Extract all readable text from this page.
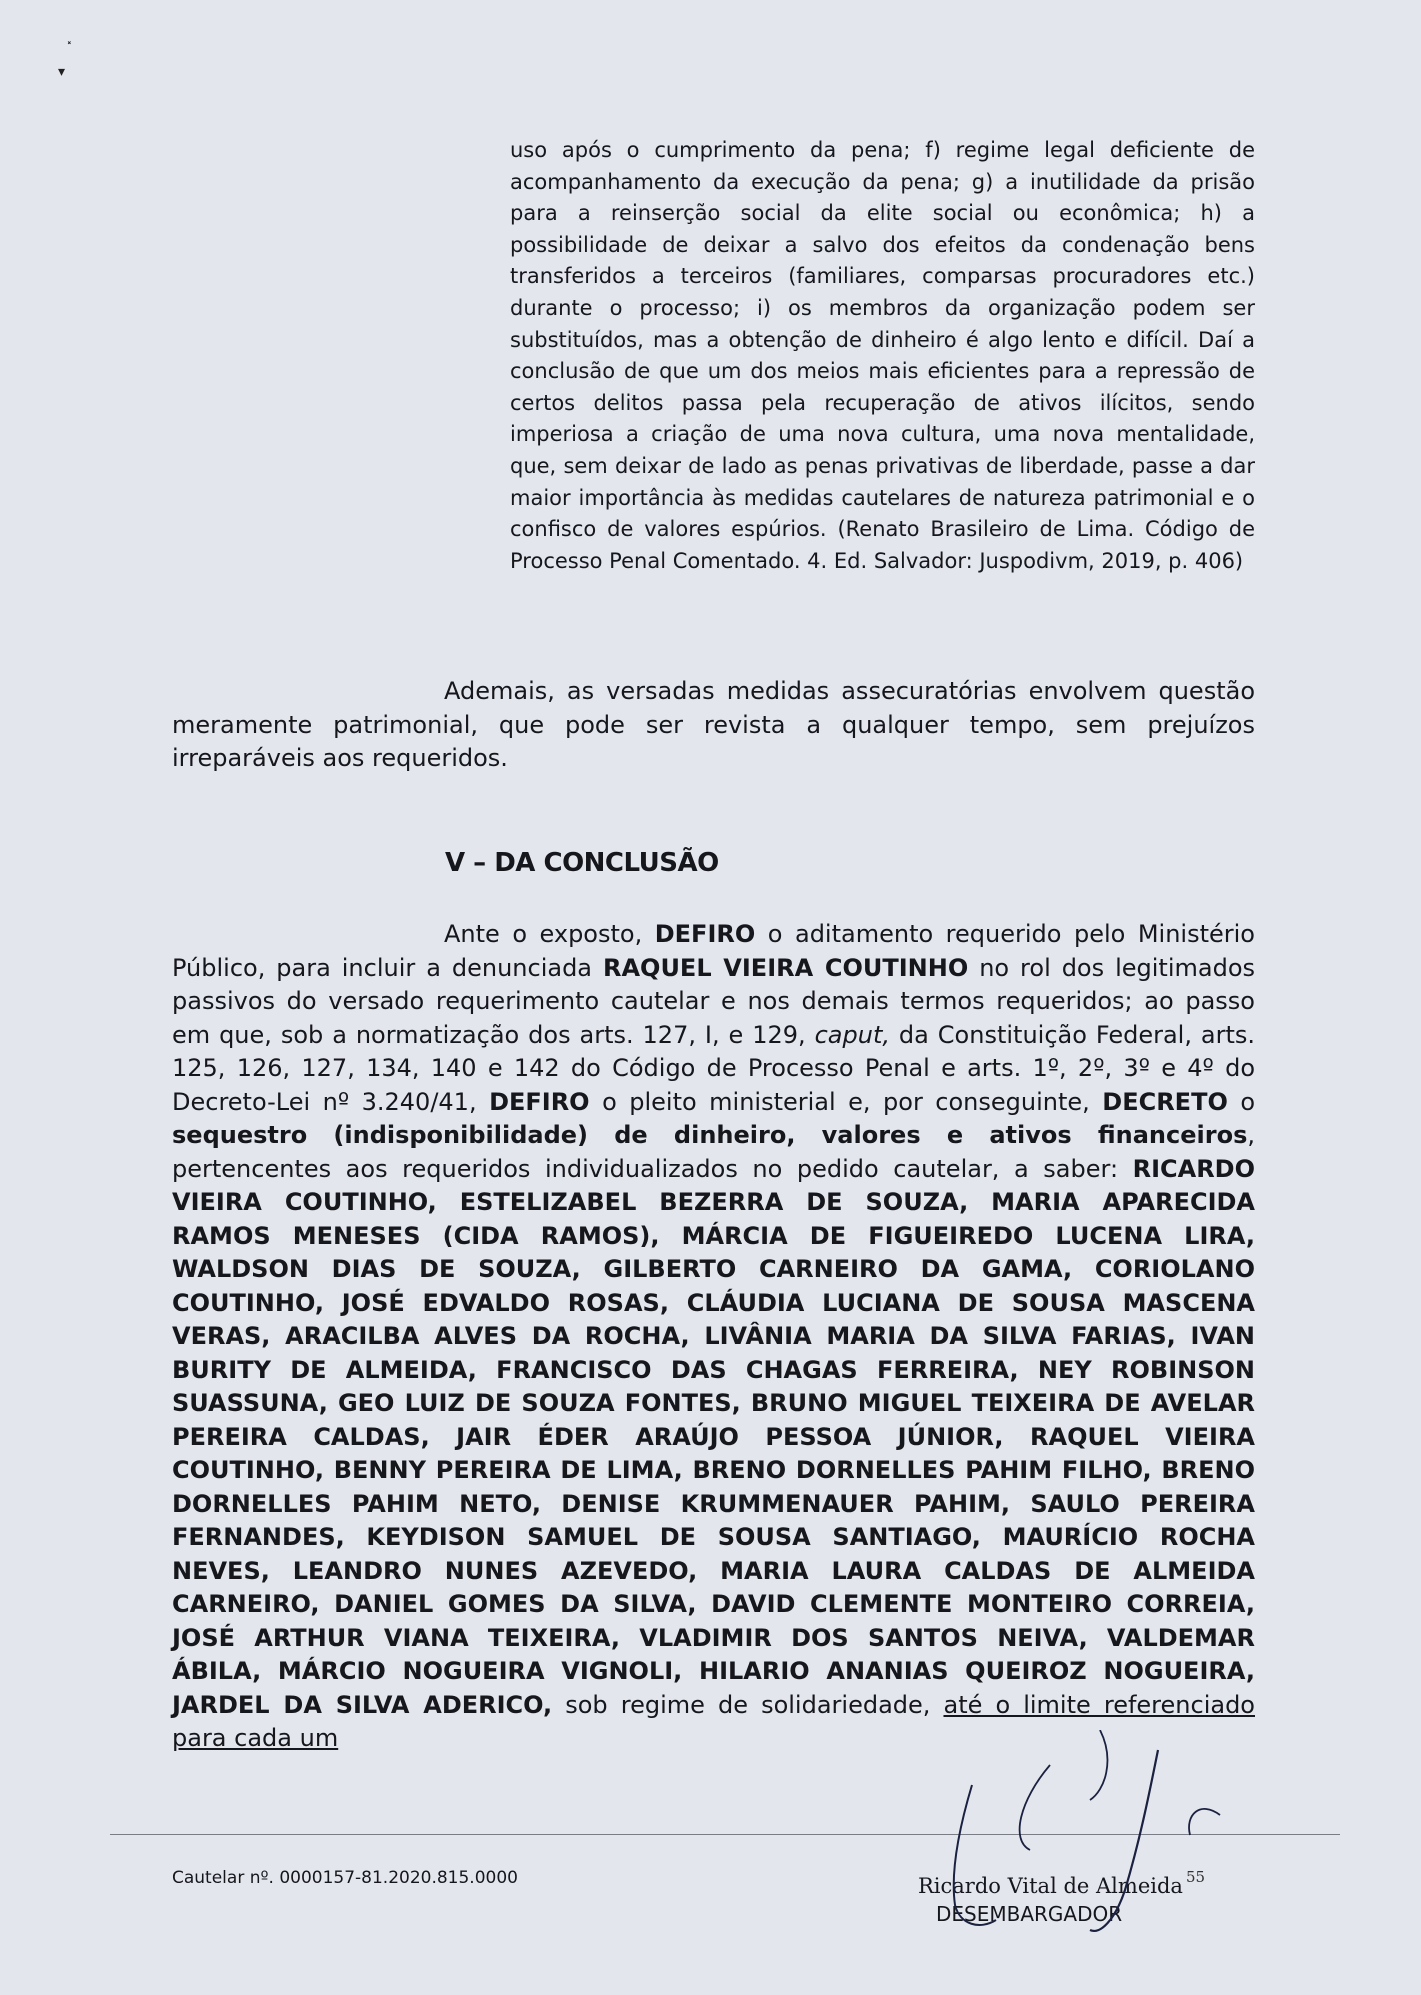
⸼
▾
uso após o cumprimento da pena; f) regime legal deficiente de acompanhamento da execução da pena; g) a inutilidade da prisão para a reinserção social da elite social ou econômica; h) a possibilidade de deixar a salvo dos efeitos da condenação bens transferidos a terceiros (familiares, comparsas procuradores etc.) durante o processo; i) os membros da organização podem ser substituídos, mas a obtenção de dinheiro é algo lento e difícil. Daí a conclusão de que um dos meios mais eficientes para a repressão de certos delitos passa pela recuperação de ativos ilícitos, sendo imperiosa a criação de uma nova cultura, uma nova mentalidade, que, sem deixar de lado as penas privativas de liberdade, passe a dar maior importância às medidas cautelares de natureza patrimonial e o confisco de valores espúrios. (Renato Brasileiro de Lima. Código de Processo Penal Comentado. 4. Ed. Salvador: Juspodivm, 2019, p. 406)

Ademais, as versadas medidas assecuratórias envolvem questão meramente patrimonial, que pode ser revista a qualquer tempo, sem prejuízos irreparáveis aos requeridos.

V – DA CONCLUSÃO

Ante o exposto, DEFIRO o aditamento requerido pelo Ministério Público, para incluir a denunciada RAQUEL VIEIRA COUTINHO no rol dos legitimados passivos do versado requerimento cautelar e nos demais termos requeridos; ao passo em que, sob a normatização dos arts. 127, I, e 129, caput, da Constituição Federal, arts. 125, 126, 127, 134, 140 e 142 do Código de Processo Penal e arts. 1º, 2º, 3º e 4º do Decreto-Lei nº 3.240/41, DEFIRO o pleito ministerial e, por conseguinte, DECRETO o sequestro (indisponibilidade) de dinheiro, valores e ativos financeiros, pertencentes aos requeridos individualizados no pedido cautelar, a saber: RICARDO VIEIRA COUTINHO, ESTELIZABEL BEZERRA DE SOUZA, MARIA APARECIDA RAMOS MENESES (CIDA RAMOS), MÁRCIA DE FIGUEIREDO LUCENA LIRA, WALDSON DIAS DE SOUZA, GILBERTO CARNEIRO DA GAMA, CORIOLANO COUTINHO, JOSÉ EDVALDO ROSAS, CLÁUDIA LUCIANA DE SOUSA MASCENA VERAS, ARACILBA ALVES DA ROCHA, LIVÂNIA MARIA DA SILVA FARIAS, IVAN BURITY DE ALMEIDA, FRANCISCO DAS CHAGAS FERREIRA, NEY ROBINSON SUASSUNA, GEO LUIZ DE SOUZA FONTES, BRUNO MIGUEL TEIXEIRA DE AVELAR PEREIRA CALDAS, JAIR ÉDER ARAÚJO PESSOA JÚNIOR, RAQUEL VIEIRA COUTINHO, BENNY PEREIRA DE LIMA, BRENO DORNELLES PAHIM FILHO, BRENO DORNELLES PAHIM NETO, DENISE KRUMMENAUER PAHIM, SAULO PEREIRA FERNANDES, KEYDISON SAMUEL DE SOUSA SANTIAGO, MAURÍCIO ROCHA NEVES, LEANDRO NUNES AZEVEDO, MARIA LAURA CALDAS DE ALMEIDA CARNEIRO, DANIEL GOMES DA SILVA, DAVID CLEMENTE MONTEIRO CORREIA, JOSÉ ARTHUR VIANA TEIXEIRA, VLADIMIR DOS SANTOS NEIVA, VALDEMAR ÁBILA, MÁRCIO NOGUEIRA VIGNOLI, HILARIO ANANIAS QUEIROZ NOGUEIRA, JARDEL DA SILVA ADERICO, sob regime de solidariedade, até o limite referenciado para cada um

Cautelar nº. 0000157-81.2020.815.0000	Ricardo Vital de Almeida
DESEMBARGADOR
55
